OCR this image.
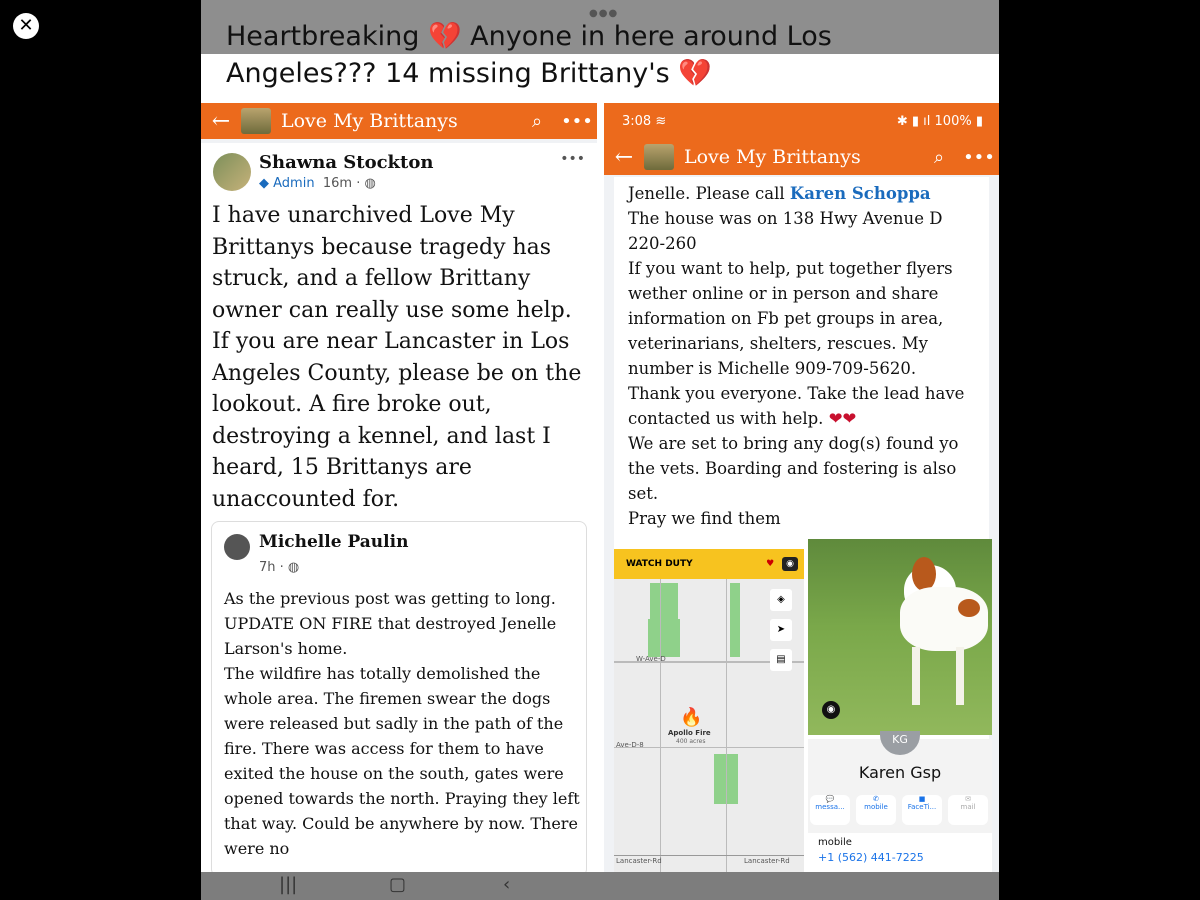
✕
●●●

Heartbreaking 💔 Anyone in here around Los
Angeles??? 14 missing Brittany's 💔

←	Love My Brittanys	⌕	•••
Shawna Stockton
◆ Admin 16m · ◍
•••
I have unarchived Love My Brittanys because tragedy has struck, and a fellow Brittany owner can really use some help. If you are near Lancaster in Los Angeles County, please be on the lookout. A fire broke out, destroying a kennel, and last I heard, 15 Brittanys are unaccounted for.
Michelle Paulin
7h · ◍
As the previous post was getting to long. UPDATE ON FIRE that destroyed Jenelle Larson's home.
The wildfire has totally demolished the whole area. The firemen swear the dogs were released but sadly in the path of the fire. There was access for them to have exited the house on the south, gates were opened towards the north. Praying they left that way. Could be anywhere by now. There were no
3:08 ≋	✱ ▮ ıl 100% ▮
←	Love My Brittanys	⌕	•••
Jenelle. Please call Karen Schoppa
The house was on 138 Hwy Avenue D 220-260
If you want to help, put together flyers wether online or in person and share information on Fb pet groups in area, veterinarians, shelters, rescues. My number is Michelle 909-709-5620.
Thank you everyone. Take the lead have contacted us with help. ❤❤
We are set to bring any dog(s) found yo the vets. Boarding and fostering is also set.
Pray we find them
WATCH DUTY	♥	◉
W-Ave-D
Ave-D-8
Lancaster-Rd	Lancaster-Rd
🔥
Apollo Fire
400 acres
◈
➤
▤
◉
KG
Karen Gsp
💬
messa...
✆
mobile
■
FaceTi...
✉
mail
mobile
+1 (562) 441-7225
|||	▢	‹
